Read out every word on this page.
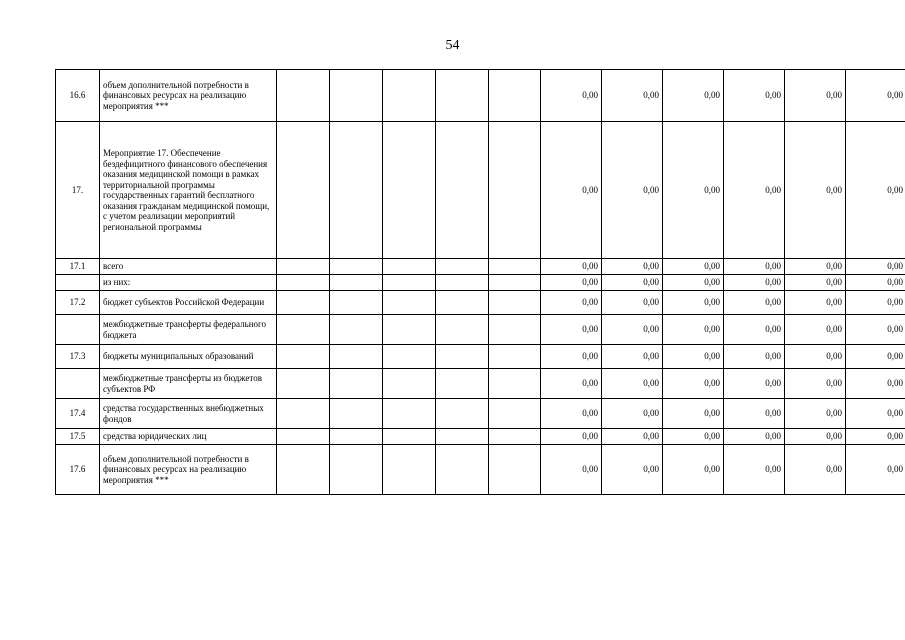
54
16.6	объем дополнительной потребности в финансовых ресурсах на реализацию мероприятия ***						0,00	0,00	0,00	0,00	0,00	0,00
17.	Мероприятие 17. Обеспечение бездефицитного финансового обеспечения оказания медицинской помощи в рамках территориальной программы государственных гарантий бесплатного оказания гражданам медицинской помощи, с учетом реализации мероприятий региональной программы						0,00	0,00	0,00	0,00	0,00	0,00
17.1	всего						0,00	0,00	0,00	0,00	0,00	0,00
	из них:						0,00	0,00	0,00	0,00	0,00	0,00
17.2	бюджет субъектов Российской Федерации						0,00	0,00	0,00	0,00	0,00	0,00
	межбюджетные трансферты федерального бюджета						0,00	0,00	0,00	0,00	0,00	0,00
17.3	бюджеты муниципальных образований						0,00	0,00	0,00	0,00	0,00	0,00
	межбюджетные трансферты из бюджетов субъектов РФ						0,00	0,00	0,00	0,00	0,00	0,00
17.4	средства государственных внебюджетных фондов						0,00	0,00	0,00	0,00	0,00	0,00
17.5	средства юридических лиц						0,00	0,00	0,00	0,00	0,00	0,00
17.6	объем дополнительной потребности в финансовых ресурсах на реализацию мероприятия ***						0,00	0,00	0,00	0,00	0,00	0,00
